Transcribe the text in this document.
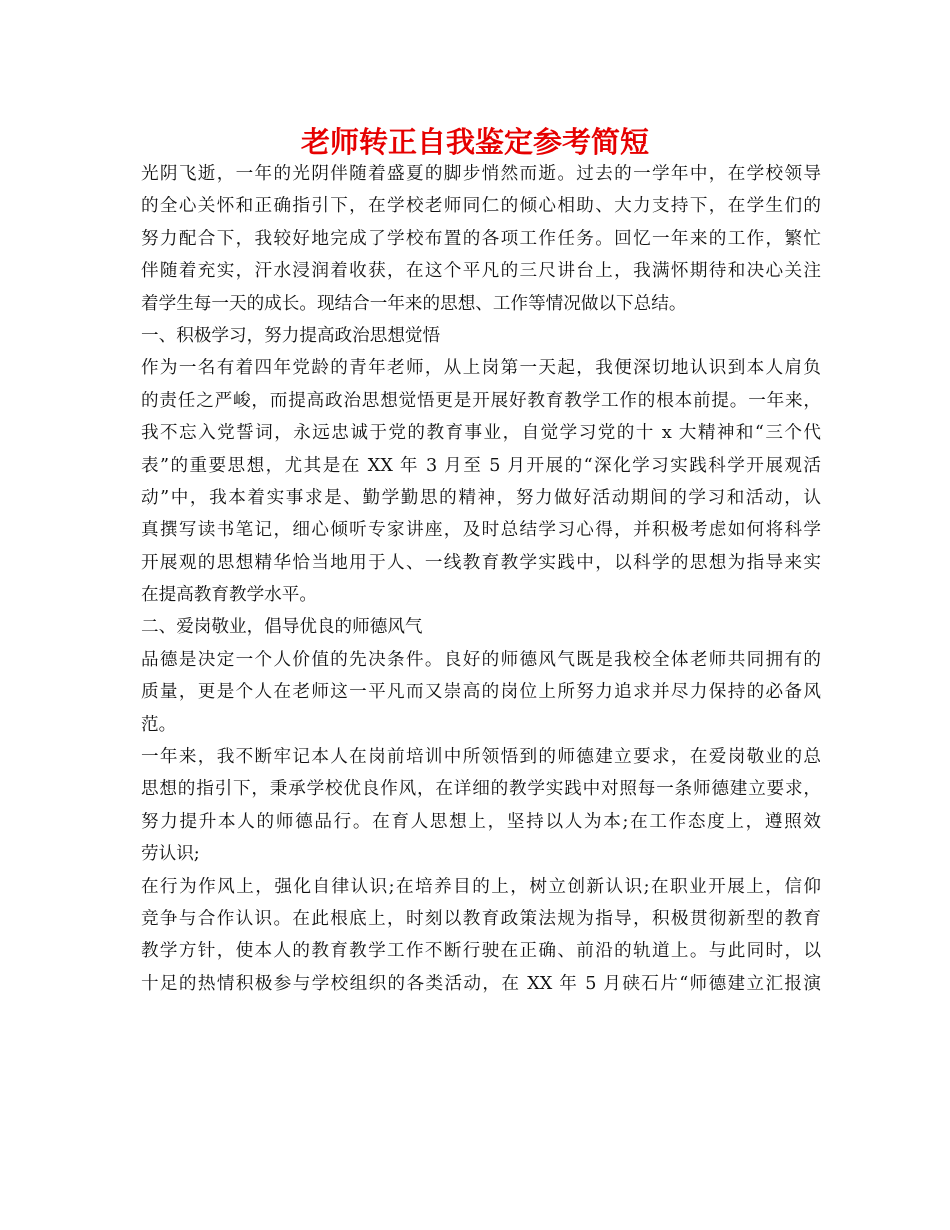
老师转正自我鉴定参考简短
光阴飞逝，一年的光阴伴随着盛夏的脚步悄然而逝。过去的一学年中，在学校领导
的全心关怀和正确指引下，在学校老师同仁的倾心相助、大力支持下，在学生们的
努力配合下，我较好地完成了学校布置的各项工作任务。回忆一年来的工作，繁忙
伴随着充实，汗水浸润着收获，在这个平凡的三尺讲台上，我满怀期待和决心关注
着学生每一天的成长。现结合一年来的思想、工作等情况做以下总结。
一、积极学习，努力提高政治思想觉悟
作为一名有着四年党龄的青年老师，从上岗第一天起，我便深切地认识到本人肩负
的责任之严峻，而提高政治思想觉悟更是开展好教育教学工作的根本前提。一年来，
我不忘入党誓词，永远忠诚于党的教育事业，自觉学习党的十 x 大精神和“三个代
表”的重要思想，尤其是在 XX 年 3 月至 5 月开展的“深化学习实践科学开展观活
动”中，我本着实事求是、勤学勤思的精神，努力做好活动期间的学习和活动，认
真撰写读书笔记，细心倾听专家讲座，及时总结学习心得，并积极考虑如何将科学
开展观的思想精华恰当地用于人、一线教育教学实践中，以科学的思想为指导来实
在提高教育教学水平。
二、爱岗敬业，倡导优良的师德风气
品德是决定一个人价值的先决条件。良好的师德风气既是我校全体老师共同拥有的
质量，更是个人在老师这一平凡而又崇高的岗位上所努力追求并尽力保持的必备风
范。
一年来，我不断牢记本人在岗前培训中所领悟到的师德建立要求，在爱岗敬业的总
思想的指引下，秉承学校优良作风，在详细的教学实践中对照每一条师德建立要求，
努力提升本人的师德品行。在育人思想上，坚持以人为本;在工作态度上，遵照效
劳认识;
在行为作风上，强化自律认识;在培养目的上，树立创新认识;在职业开展上，信仰
竞争与合作认识。在此根底上，时刻以教育政策法规为指导，积极贯彻新型的教育
教学方针，使本人的教育教学工作不断行驶在正确、前沿的轨道上。与此同时，以
十足的热情积极参与学校组织的各类活动，在 XX 年 5 月硖石片“师德建立汇报演
